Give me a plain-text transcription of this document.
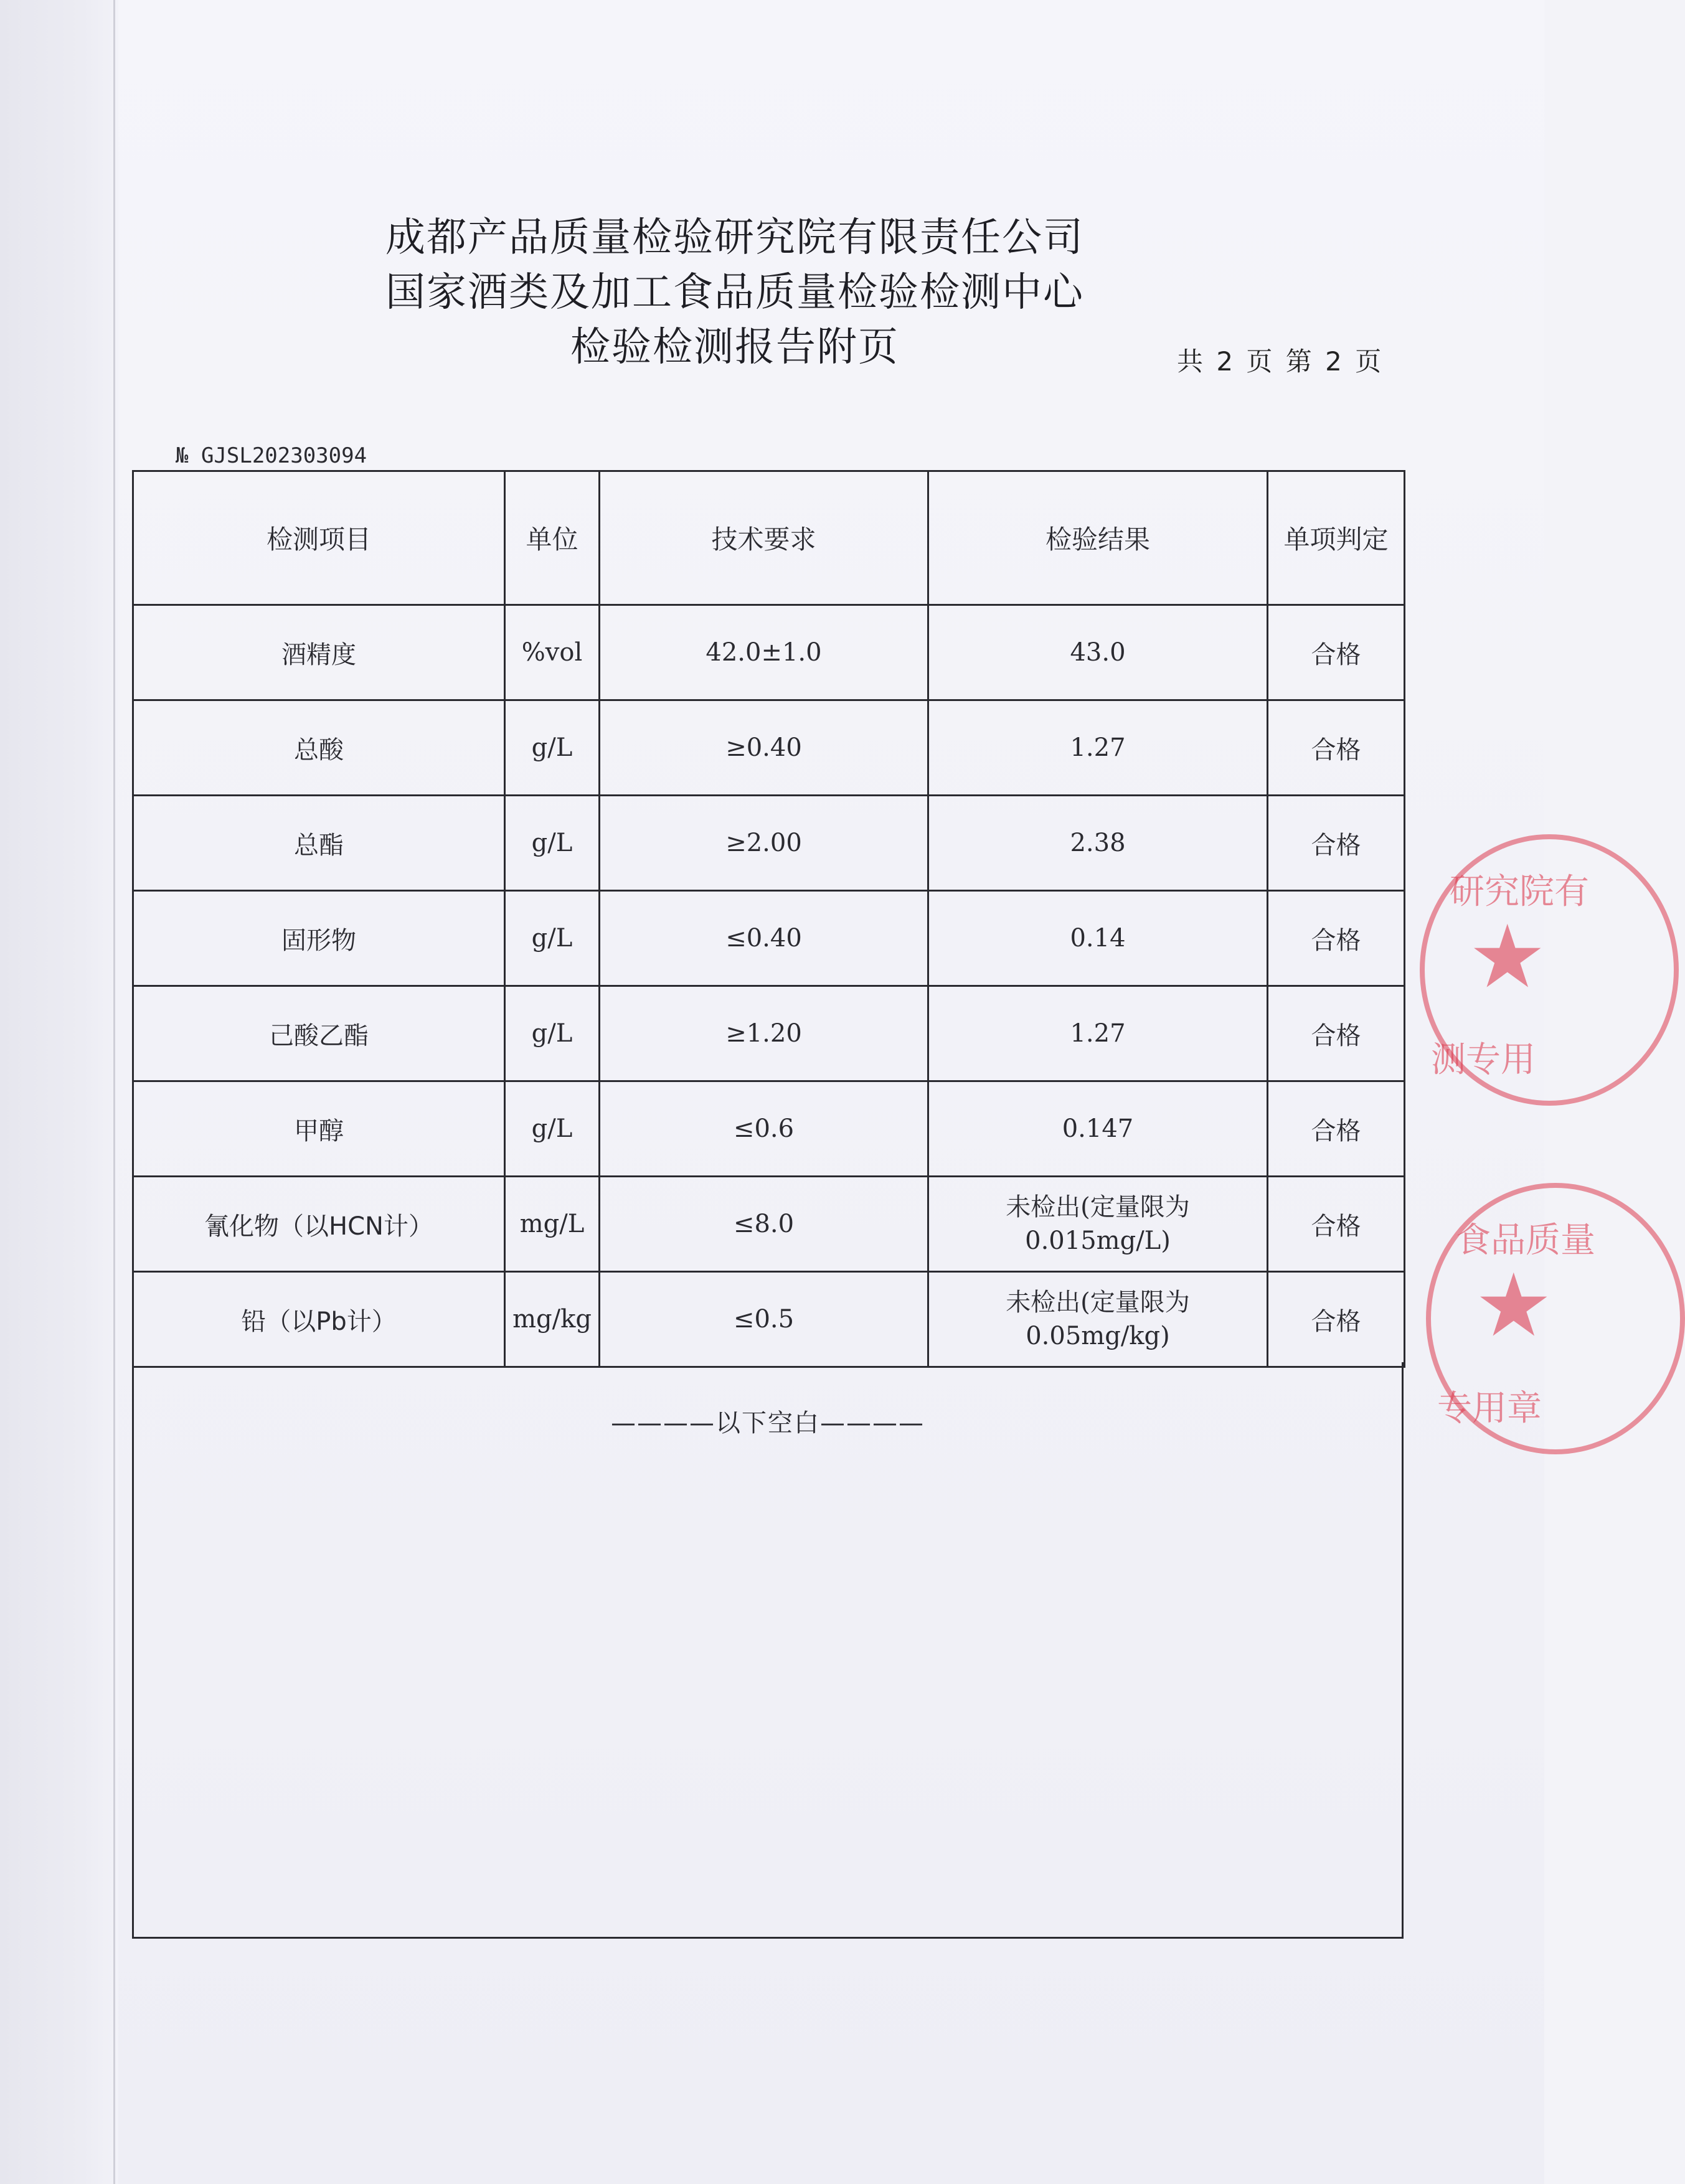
成都产品质量检验研究院有限责任公司
国家酒类及加工食品质量检验检测中心
检验检测报告附页	共 2 页 第 2 页
№ GJSL202303094
检测项目	单位	技术要求	检验结果	单项判定
酒精度	%vol	42.0±1.0	43.0	合格
总酸	g/L	≥0.40	1.27	合格
总酯	g/L	≥2.00	2.38	合格
固形物	g/L	≤0.40	0.14	合格
己酸乙酯	g/L	≥1.20	1.27	合格
甲醇	g/L	≤0.6	0.147	合格
氰化物（以HCN计）	mg/L	≤8.0	未检出(定量限为
0.015mg/L)	合格
铅（以Pb计）	mg/kg	≤0.5	未检出(定量限为
0.05mg/kg)	合格
————以下空白————
研究院有
★
测专用
食品质量
★
专用章
